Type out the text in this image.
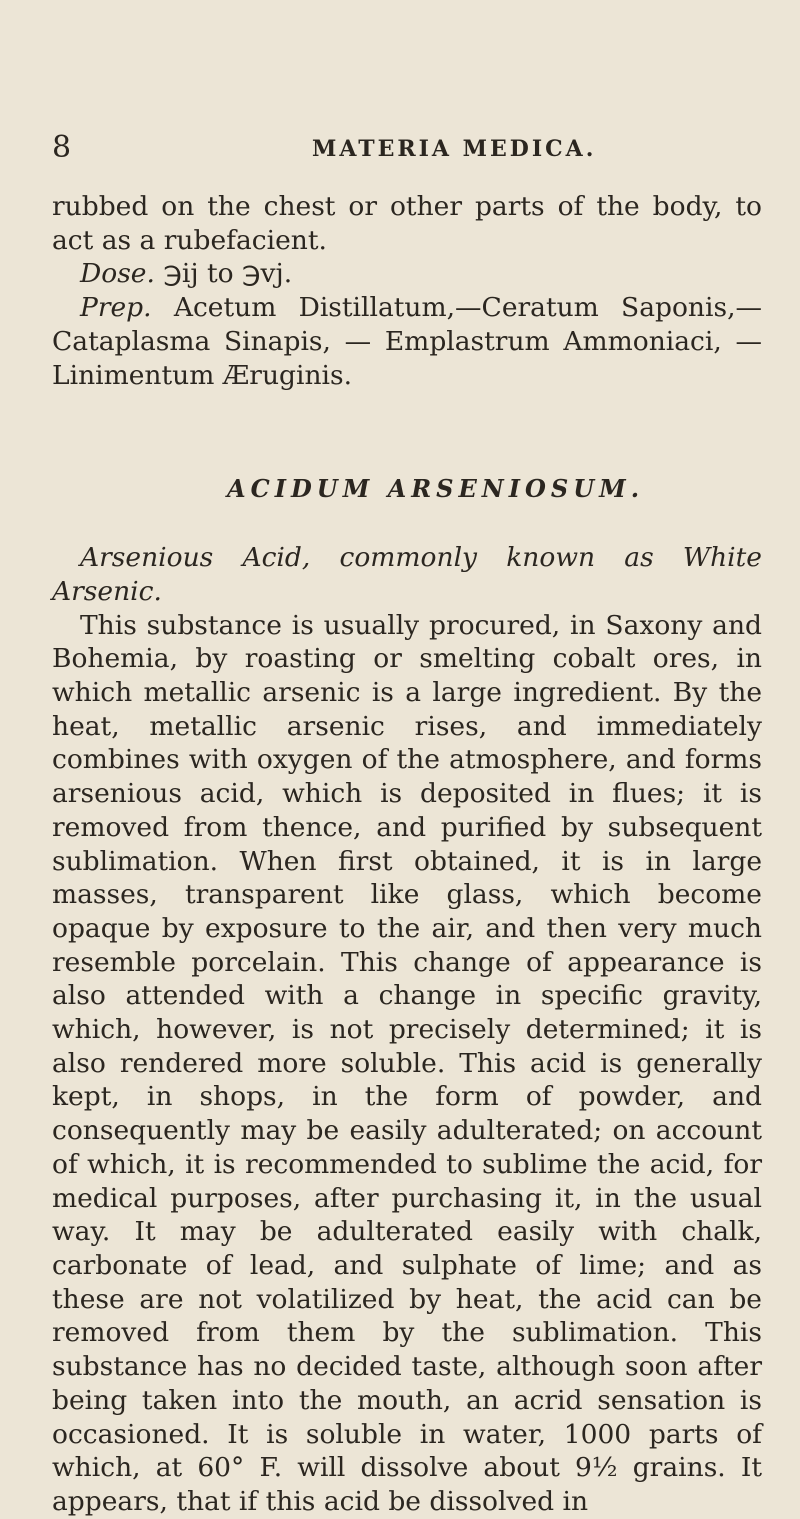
8	MATERIA MEDICA.

rubbed on the chest or other parts of the body, to act as a rubefacient.

Dose. ℈ij to ℈vj.

Prep. Acetum Distillatum,—Ceratum Saponis,—Cataplasma Sinapis, — Emplastrum Ammoniaci, — Linimentum Æruginis.

ACIDUM ARSENIOSUM.

Arsenious Acid, commonly known as White Arsenic.

This substance is usually procured, in Saxony and Bohemia, by roasting or smelting cobalt ores, in which metallic arsenic is a large ingredient. By the heat, metallic arsenic rises, and immediately combines with oxygen of the atmosphere, and forms arsenious acid, which is deposited in flues; it is removed from thence, and purified by subsequent sublimation. When first obtained, it is in large masses, transparent like glass, which become opaque by exposure to the air, and then very much resemble porcelain. This change of appearance is also attended with a change in specific gravity, which, however, is not precisely determined; it is also rendered more soluble. This acid is generally kept, in shops, in the form of powder, and consequently may be easily adulterated; on account of which, it is recommended to sublime the acid, for medical purposes, after purchasing it, in the usual way. It may be adulterated easily with chalk, carbonate of lead, and sulphate of lime; and as these are not volatilized by heat, the acid can be removed from them by the sublimation. This substance has no decided taste, although soon after being taken into the mouth, an acrid sensation is occasioned. It is soluble in water, 1000 parts of which, at 60° F. will dissolve about 9½ grains. It appears, that if this acid be dissolved in
